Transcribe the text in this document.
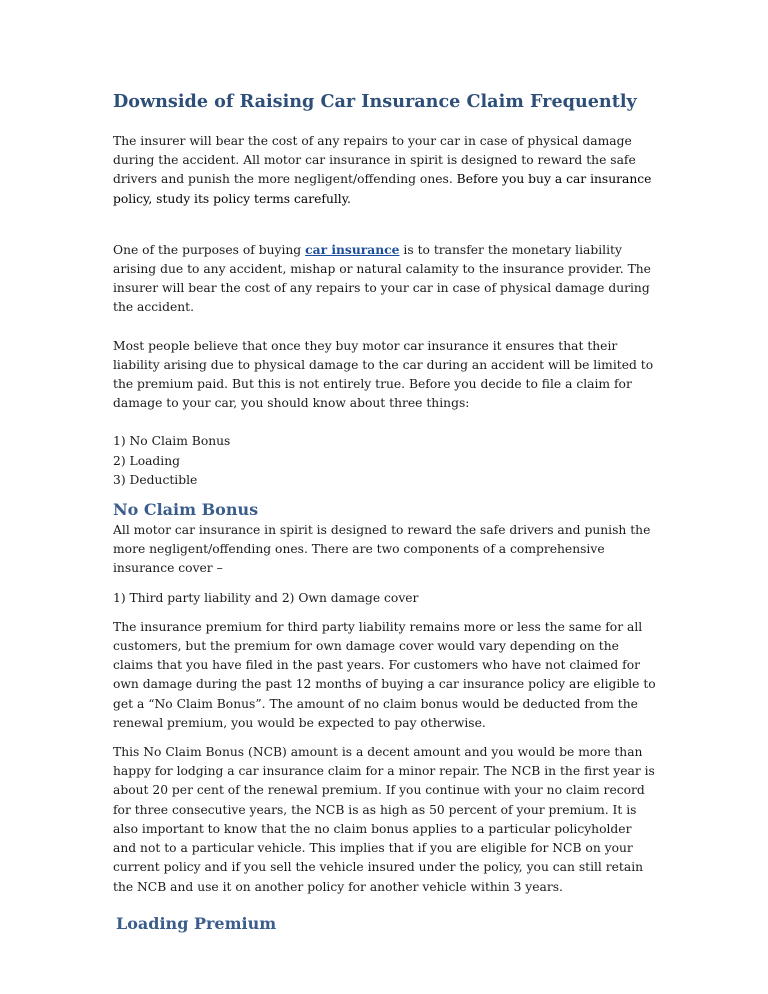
Downside of Raising Car Insurance Claim Frequently

The insurer will bear the cost of any repairs to your car in case of physical damage during the accident. All motor car insurance in spirit is designed to reward the safe drivers and punish the more negligent/offending ones. Before you buy a car insurance policy, study its policy terms carefully.

One of the purposes of buying car insurance is to transfer the monetary liability arising due to any accident, mishap or natural calamity to the insurance provider. The insurer will bear the cost of any repairs to your car in case of physical damage during the accident.

Most people believe that once they buy motor car insurance it ensures that their liability arising due to physical damage to the car during an accident will be limited to the premium paid. But this is not entirely true. Before you decide to file a claim for damage to your car, you should know about three things:

1) No Claim Bonus

2) Loading

3) Deductible

No Claim Bonus

All motor car insurance in spirit is designed to reward the safe drivers and punish the more negligent/offending ones. There are two components of a comprehensive insurance cover –

1) Third party liability and 2) Own damage cover

The insurance premium for third party liability remains more or less the same for all customers, but the premium for own damage cover would vary depending on the claims that you have filed in the past years. For customers who have not claimed for own damage during the past 12 months of buying a car insurance policy are eligible to get a “No Claim Bonus”. The amount of no claim bonus would be deducted from the renewal premium, you would be expected to pay otherwise.

This No Claim Bonus (NCB) amount is a decent amount and you would be more than happy for lodging a car insurance claim for a minor repair. The NCB in the first year is about 20 per cent of the renewal premium. If you continue with your no claim record for three consecutive years, the NCB is as high as 50 percent of your premium. It is also important to know that the no claim bonus applies to a particular policyholder and not to a particular vehicle. This implies that if you are eligible for NCB on your current policy and if you sell the vehicle insured under the policy, you can still retain the NCB and use it on another policy for another vehicle within 3 years.

Loading Premium
